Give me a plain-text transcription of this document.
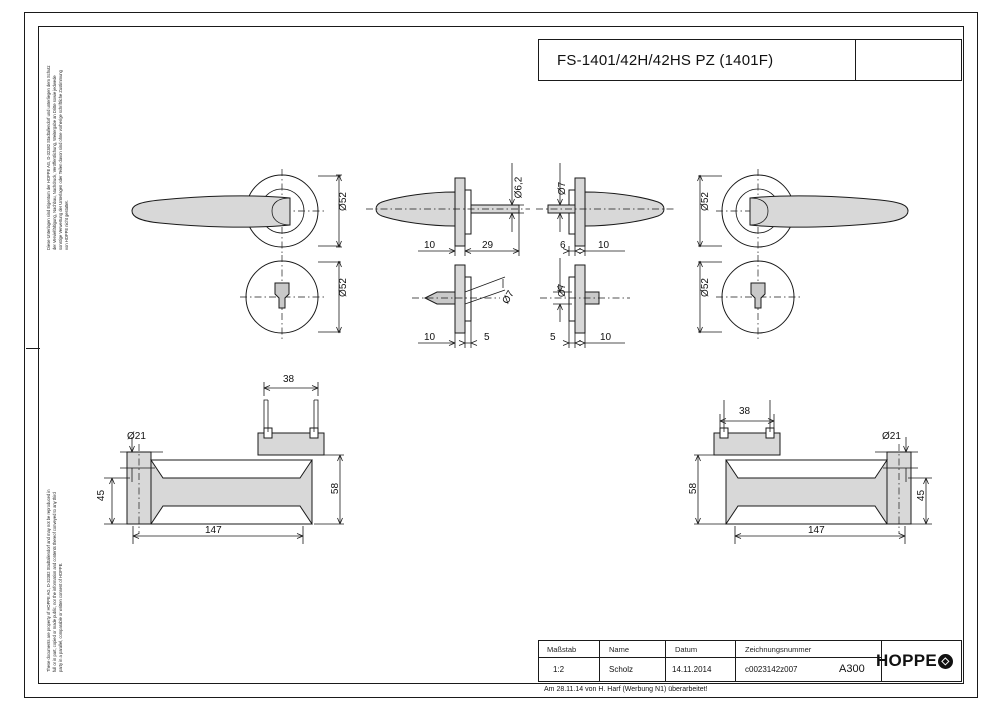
FS-1401/42H/42HS PZ (1401F)
Diese Unterlagen sind Eigentum der HOPPE AG, D-32382 Stadtallendorf und unterliegen dem Schutz der Vervielfältigung, Nachbau, Nachdruck, Veröffentlichung, Weitergabe an Dritte sowie jedwede sonstige Verwertung der Unterlagen oder Teilen davon sind ohne vorherige schriftliche Zustimmung von HOPPE nicht gestattet.
These documents are property of HOPPE AG, D-32382 Stadtallendorf and may not be reproduced in full or in part, copied or made public, nor the information and contents thereof conveyed to any third party in a parallel, comparable or written consent of HOPPE.
Ø52
Ø52
Ø52
Ø52
Ø6,2	Ø7
Ø7
Ø7
10	29	6	10
10	5	5	10
38
Ø21
45
58
147
38
Ø21
58
45
147
Maßstab	Name	Datum	Zeichnungsnummer
1:2	Scholz	14.11.2014	c0023142z007	A300 HOPPE ◇
Am 28.11.14 von H. Harf (Werbung N1) überarbeitet!
